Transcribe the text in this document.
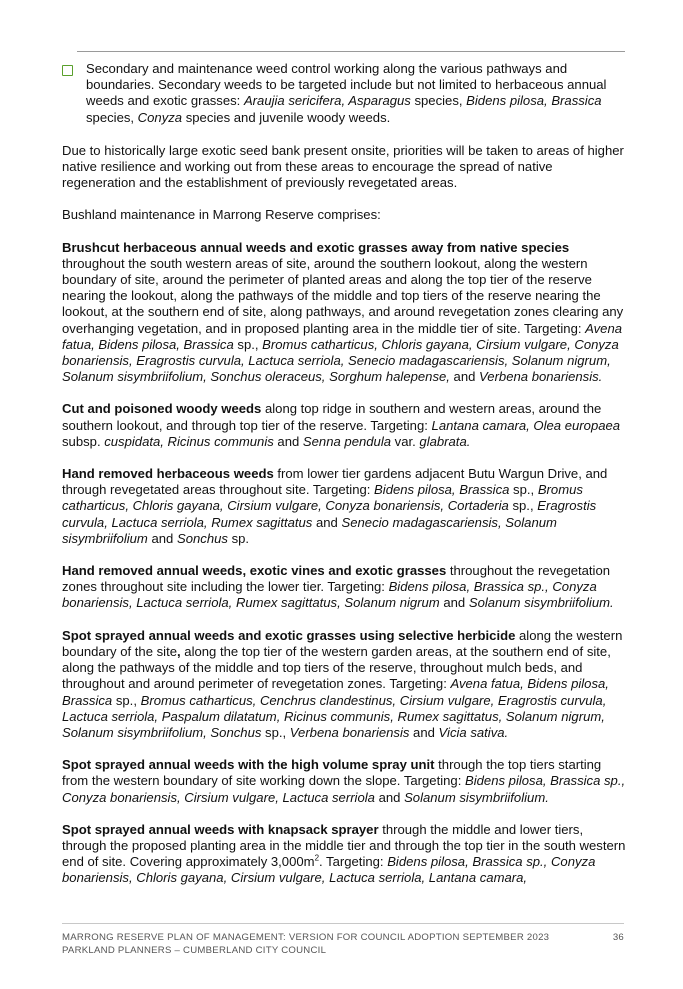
Secondary and maintenance weed control working along the various pathways and boundaries. Secondary weeds to be targeted include but not limited to herbaceous annual weeds and exotic grasses: Araujia sericifera, Asparagus species, Bidens pilosa, Brassica species, Conyza species and juvenile woody weeds.

Due to historically large exotic seed bank present onsite, priorities will be taken to areas of higher native resilience and working out from these areas to encourage the spread of native regeneration and the establishment of previously revegetated areas.

Bushland maintenance in Marrong Reserve comprises:

Brushcut herbaceous annual weeds and exotic grasses away from native species throughout the south western areas of site, around the southern lookout, along the western boundary of site, around the perimeter of planted areas and along the top tier of the reserve nearing the lookout, along the pathways of the middle and top tiers of the reserve nearing the lookout, at the southern end of site, along pathways, and around revegetation zones clearing any overhanging vegetation, and in proposed planting area in the middle tier of site. Targeting: Avena fatua, Bidens pilosa, Brassica sp., Bromus catharticus, Chloris gayana, Cirsium vulgare, Conyza bonariensis, Eragrostis curvula, Lactuca serriola, Senecio madagascariensis, Solanum nigrum, Solanum sisymbriifolium, Sonchus oleraceus, Sorghum halepense, and Verbena bonariensis.

Cut and poisoned woody weeds along top ridge in southern and western areas, around the southern lookout, and through top tier of the reserve. Targeting: Lantana camara, Olea europaea subsp. cuspidata, Ricinus communis and Senna pendula var. glabrata.

Hand removed herbaceous weeds from lower tier gardens adjacent Butu Wargun Drive, and through revegetated areas throughout site. Targeting: Bidens pilosa, Brassica sp., Bromus catharticus, Chloris gayana, Cirsium vulgare, Conyza bonariensis, Cortaderia sp., Eragrostis curvula, Lactuca serriola, Rumex sagittatus and Senecio madagascariensis, Solanum sisymbriifolium and Sonchus sp.

Hand removed annual weeds, exotic vines and exotic grasses throughout the revegetation zones throughout site including the lower tier. Targeting: Bidens pilosa, Brassica sp., Conyza bonariensis, Lactuca serriola, Rumex sagittatus, Solanum nigrum and Solanum sisymbriifolium.

Spot sprayed annual weeds and exotic grasses using selective herbicide along the western boundary of the site, along the top tier of the western garden areas, at the southern end of site, along the pathways of the middle and top tiers of the reserve, throughout mulch beds, and throughout and around perimeter of revegetation zones. Targeting: Avena fatua, Bidens pilosa, Brassica sp., Bromus catharticus, Cenchrus clandestinus, Cirsium vulgare, Eragrostis curvula, Lactuca serriola, Paspalum dilatatum, Ricinus communis, Rumex sagittatus, Solanum nigrum, Solanum sisymbriifolium, Sonchus sp., Verbena bonariensis and Vicia sativa.

Spot sprayed annual weeds with the high volume spray unit through the top tiers starting from the western boundary of site working down the slope. Targeting: Bidens pilosa, Brassica sp., Conyza bonariensis, Cirsium vulgare, Lactuca serriola and Solanum sisymbriifolium.

Spot sprayed annual weeds with knapsack sprayer through the middle and lower tiers, through the proposed planting area in the middle tier and through the top tier in the south western end of site. Covering approximately $3,000m^2$. Targeting: Bidens pilosa, Brassica sp., Conyza bonariensis, Chloris gayana, Cirsium vulgare, Lactuca serriola, Lantana camara,

MARRONG RESERVE PLAN OF MANAGEMENT: VERSION FOR COUNCIL ADOPTION SEPTEMBER 2023
PARKLAND PLANNERS – CUMBERLAND CITY COUNCIL
36
